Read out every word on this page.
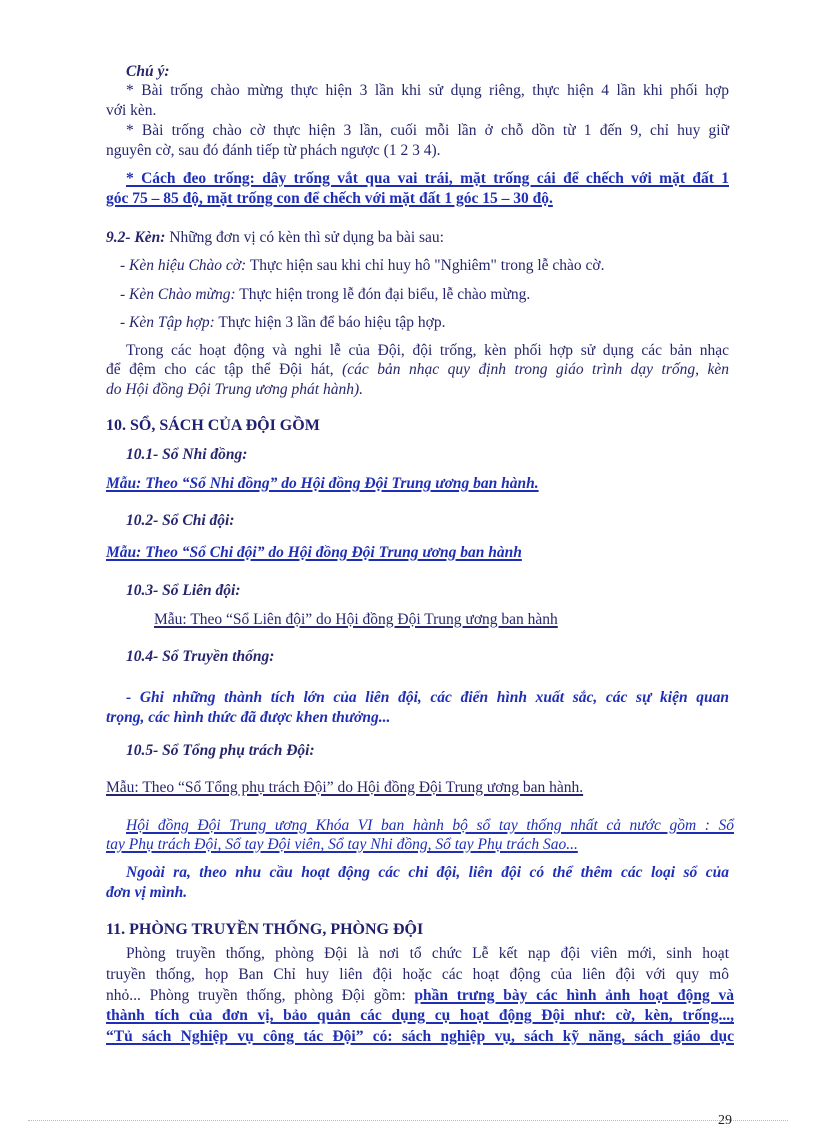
Chú ý:
* Bài trống chào mừng thực hiện 3 lần khi sử dụng riêng, thực hiện 4 lần khi phối hợp
với kèn.
* Bài trống chào cờ thực hiện 3 lần, cuối mỗi lần ở chỗ dồn từ 1 đến 9, chỉ huy giữ
nguyên cờ, sau đó đánh tiếp từ phách ngược (1 2 3 4).
* Cách đeo trống: dây trống vắt qua vai trái, mặt trống cái để chếch với mặt đất 1
góc 75 – 85 độ, mặt trống con để chếch với mặt đất 1 góc 15 – 30 độ.
9.2- Kèn: Những đơn vị có kèn thì sử dụng ba bài sau:
- Kèn hiệu Chào cờ: Thực hiện sau khi chỉ huy hô "Nghiêm" trong lễ chào cờ.
- Kèn Chào mừng: Thực hiện trong lễ đón đại biểu, lễ chào mừng.
- Kèn Tập hợp: Thực hiện 3 lần để báo hiệu tập hợp.
Trong các hoạt động và nghi lễ của Đội, đội trống, kèn phối hợp sử dụng các bản nhạc
để đệm cho các tập thể Đội hát, (các bản nhạc quy định trong giáo trình dạy trống, kèn
do Hội đồng Đội Trung ương phát hành).
10. SỔ, SÁCH CỦA ĐỘI GỒM
10.1- Sổ Nhi đồng:
Mẫu: Theo “Sổ Nhi đồng” do Hội đồng Đội Trung ương ban hành.
10.2- Sổ Chi đội:
Mẫu: Theo “Sổ Chi đội” do Hội đồng Đội Trung ương ban hành
10.3- Sổ Liên đội:
Mẫu: Theo “Sổ Liên đội” do Hội đồng Đội Trung ương ban hành
10.4- Sổ Truyền thống:
- Ghi những thành tích lớn của liên đội, các điển hình xuất sắc, các sự kiện quan
trọng, các hình thức đã được khen thưởng...
10.5- Sổ Tổng phụ trách Đội:
Mẫu: Theo “Sổ Tổng phụ trách Đội” do Hội đồng Đội Trung ương ban hành.
Hội đồng Đội Trung ương Khóa VI ban hành bộ sổ tay thống nhất cả nước gồm : Sổ
tay Phụ trách Đội, Sổ tay Đội viên, Sổ tay Nhi đồng, Sổ tay Phụ trách Sao...
Ngoài ra, theo nhu cầu hoạt động các chi đội, liên đội có thể thêm các loại sổ của
đơn vị mình.
11. PHÒNG TRUYỀN THỐNG, PHÒNG ĐỘI
Phòng truyền thống, phòng Đội là nơi tổ chức Lễ kết nạp đội viên mới, sinh hoạt
truyền thống, họp Ban Chỉ huy liên đội hoặc các hoạt động của liên đội với quy mô
nhỏ... Phòng truyền thống, phòng Đội gồm: phần trưng bày các hình ảnh hoạt động và
thành tích của đơn vị, bảo quản các dụng cụ hoạt động Đội như: cờ, kèn, trống...,
“Tủ sách Nghiệp vụ công tác Đội” có: sách nghiệp vụ, sách kỹ năng, sách giáo dục
29
